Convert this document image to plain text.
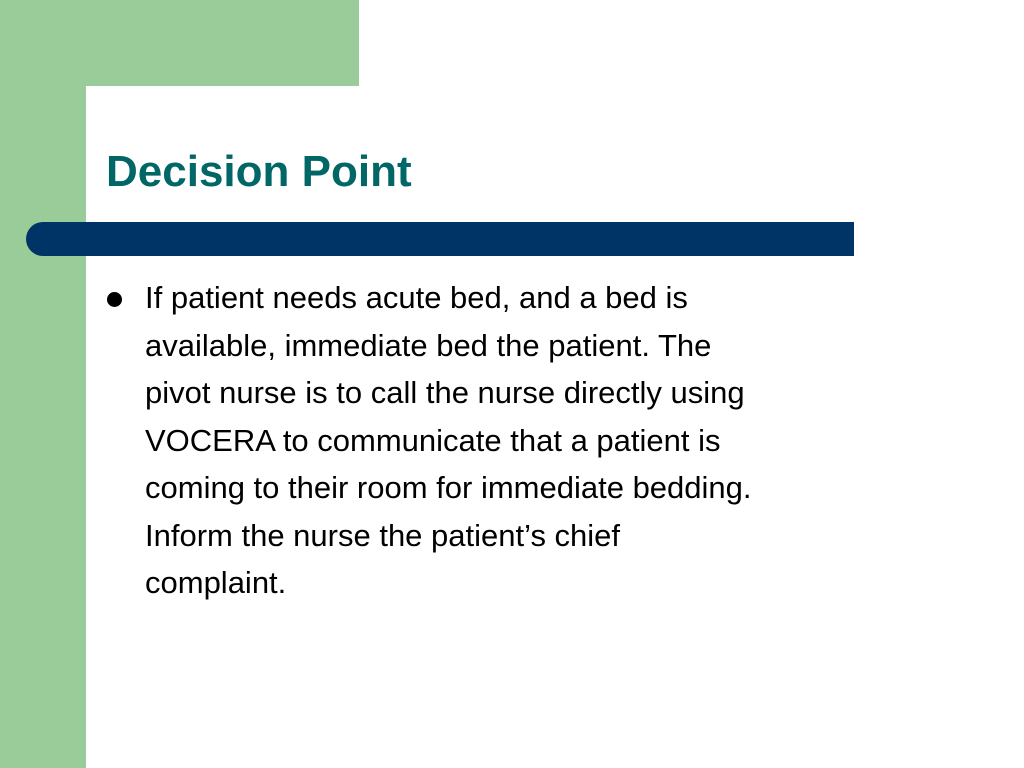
Decision Point

If patient needs acute bed, and a bed is
available, immediate bed the patient. The
pivot nurse is to call the nurse directly using
VOCERA to communicate that a patient is
coming to their room for immediate bedding.
Inform the nurse the patient’s chief
complaint.
